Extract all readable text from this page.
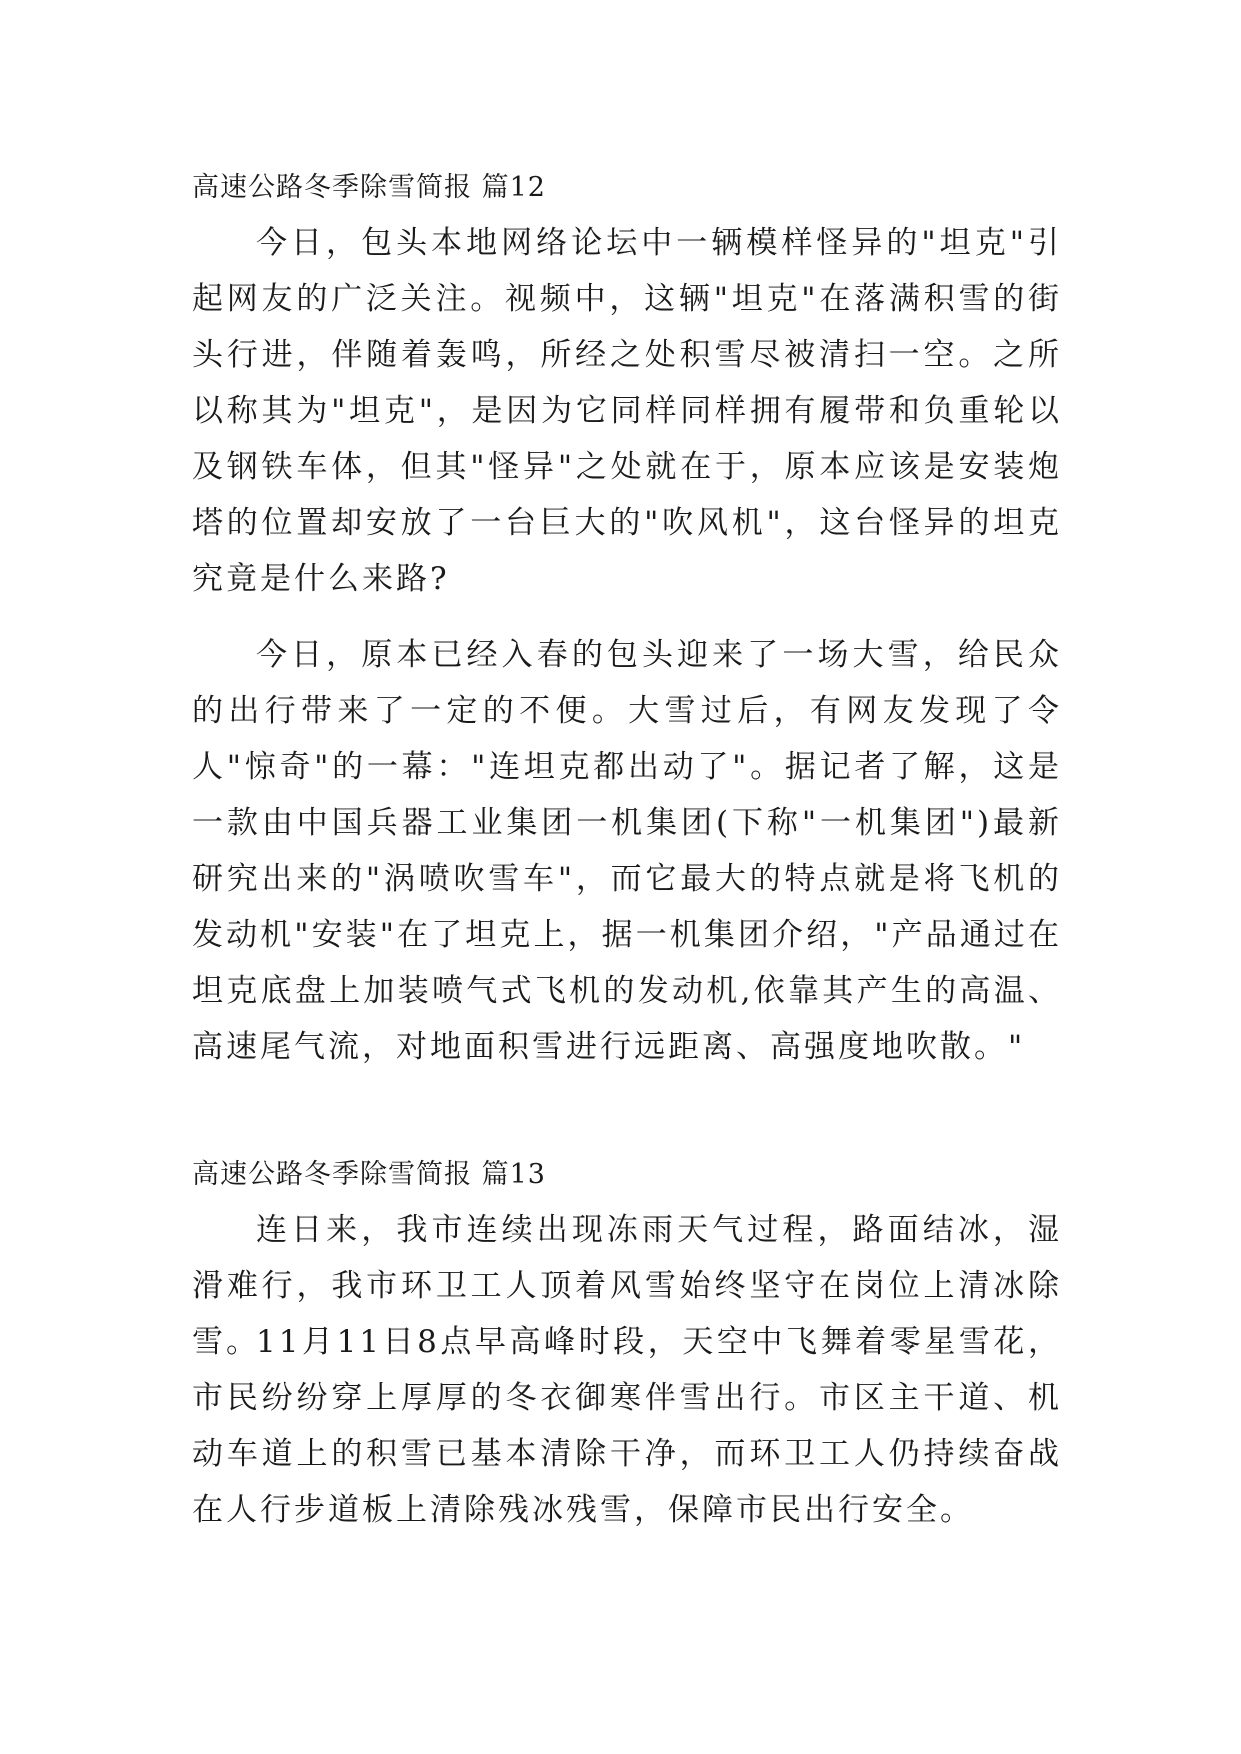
高速公路冬季除雪简报 篇12

今日，包头本地网络论坛中一辆模样怪异的"坦克"引起网友的广泛关注。视频中，这辆"坦克"在落满积雪的街头行进，伴随着轰鸣，所经之处积雪尽被清扫一空。之所以称其为"坦克"，是因为它同样同样拥有履带和负重轮以及钢铁车体，但其"怪异"之处就在于，原本应该是安装炮塔的位置却安放了一台巨大的"吹风机"，这台怪异的坦克究竟是什么来路?

今日，原本已经入春的包头迎来了一场大雪，给民众的出行带来了一定的不便。大雪过后，有网友发现了令人"惊奇"的一幕："连坦克都出动了"。据记者了解，这是一款由中国兵器工业集团一机集团(下称"一机集团")最新研究出来的"涡喷吹雪车"，而它最大的特点就是将飞机的发动机"安装"在了坦克上，据一机集团介绍，"产品通过在坦克底盘上加装喷气式飞机的发动机,依靠其产生的高温、高速尾气流，对地面积雪进行远距离、高强度地吹散。"

高速公路冬季除雪简报 篇13

连日来，我市连续出现冻雨天气过程，路面结冰，湿滑难行，我市环卫工人顶着风雪始终坚守在岗位上清冰除雪。

11月11日8点早高峰时段，天空中飞舞着零星雪花，市民纷纷穿上厚厚的冬衣御寒伴雪出行。市区主干道、机动车道上的积雪已基本清除干净，而环卫工人仍持续奋战在人行步道板上清除残冰残雪，保障市民出行安全。
